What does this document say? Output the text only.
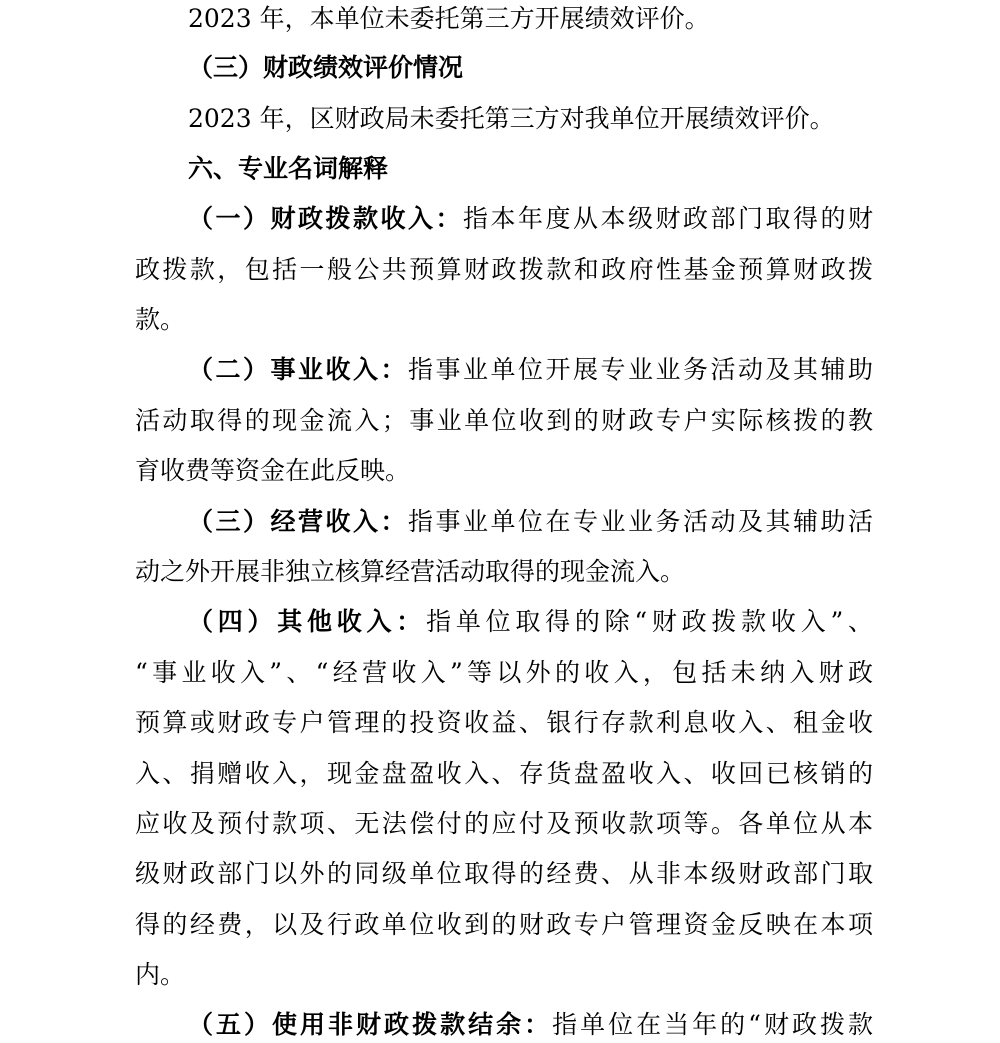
2023 年，本单位未委托第三方开展绩效评价。
（三）财政绩效评价情况
2023 年，区财政局未委托第三方对我单位开展绩效评价。
六、专业名词解释
（一）财政拨款收入：指本年度从本级财政部门取得的财
政拨款，包括一般公共预算财政拨款和政府性基金预算财政拨
款。
（二）事业收入：指事业单位开展专业业务活动及其辅助
活动取得的现金流入；事业单位收到的财政专户实际核拨的教
育收费等资金在此反映。
（三）经营收入：指事业单位在专业业务活动及其辅助活
动之外开展非独立核算经营活动取得的现金流入。
（四）其他收入：指单位取得的除“财政拨款收入”、
“事业收入”、“经营收入”等以外的收入，包括未纳入财政
预算或财政专户管理的投资收益、银行存款利息收入、租金收
入、捐赠收入，现金盘盈收入、存货盘盈收入、收回已核销的
应收及预付款项、无法偿付的应付及预收款项等。各单位从本
级财政部门以外的同级单位取得的经费、从非本级财政部门取
得的经费，以及行政单位收到的财政专户管理资金反映在本项
内。
（五）使用非财政拨款结余：指单位在当年的“财政拨款
